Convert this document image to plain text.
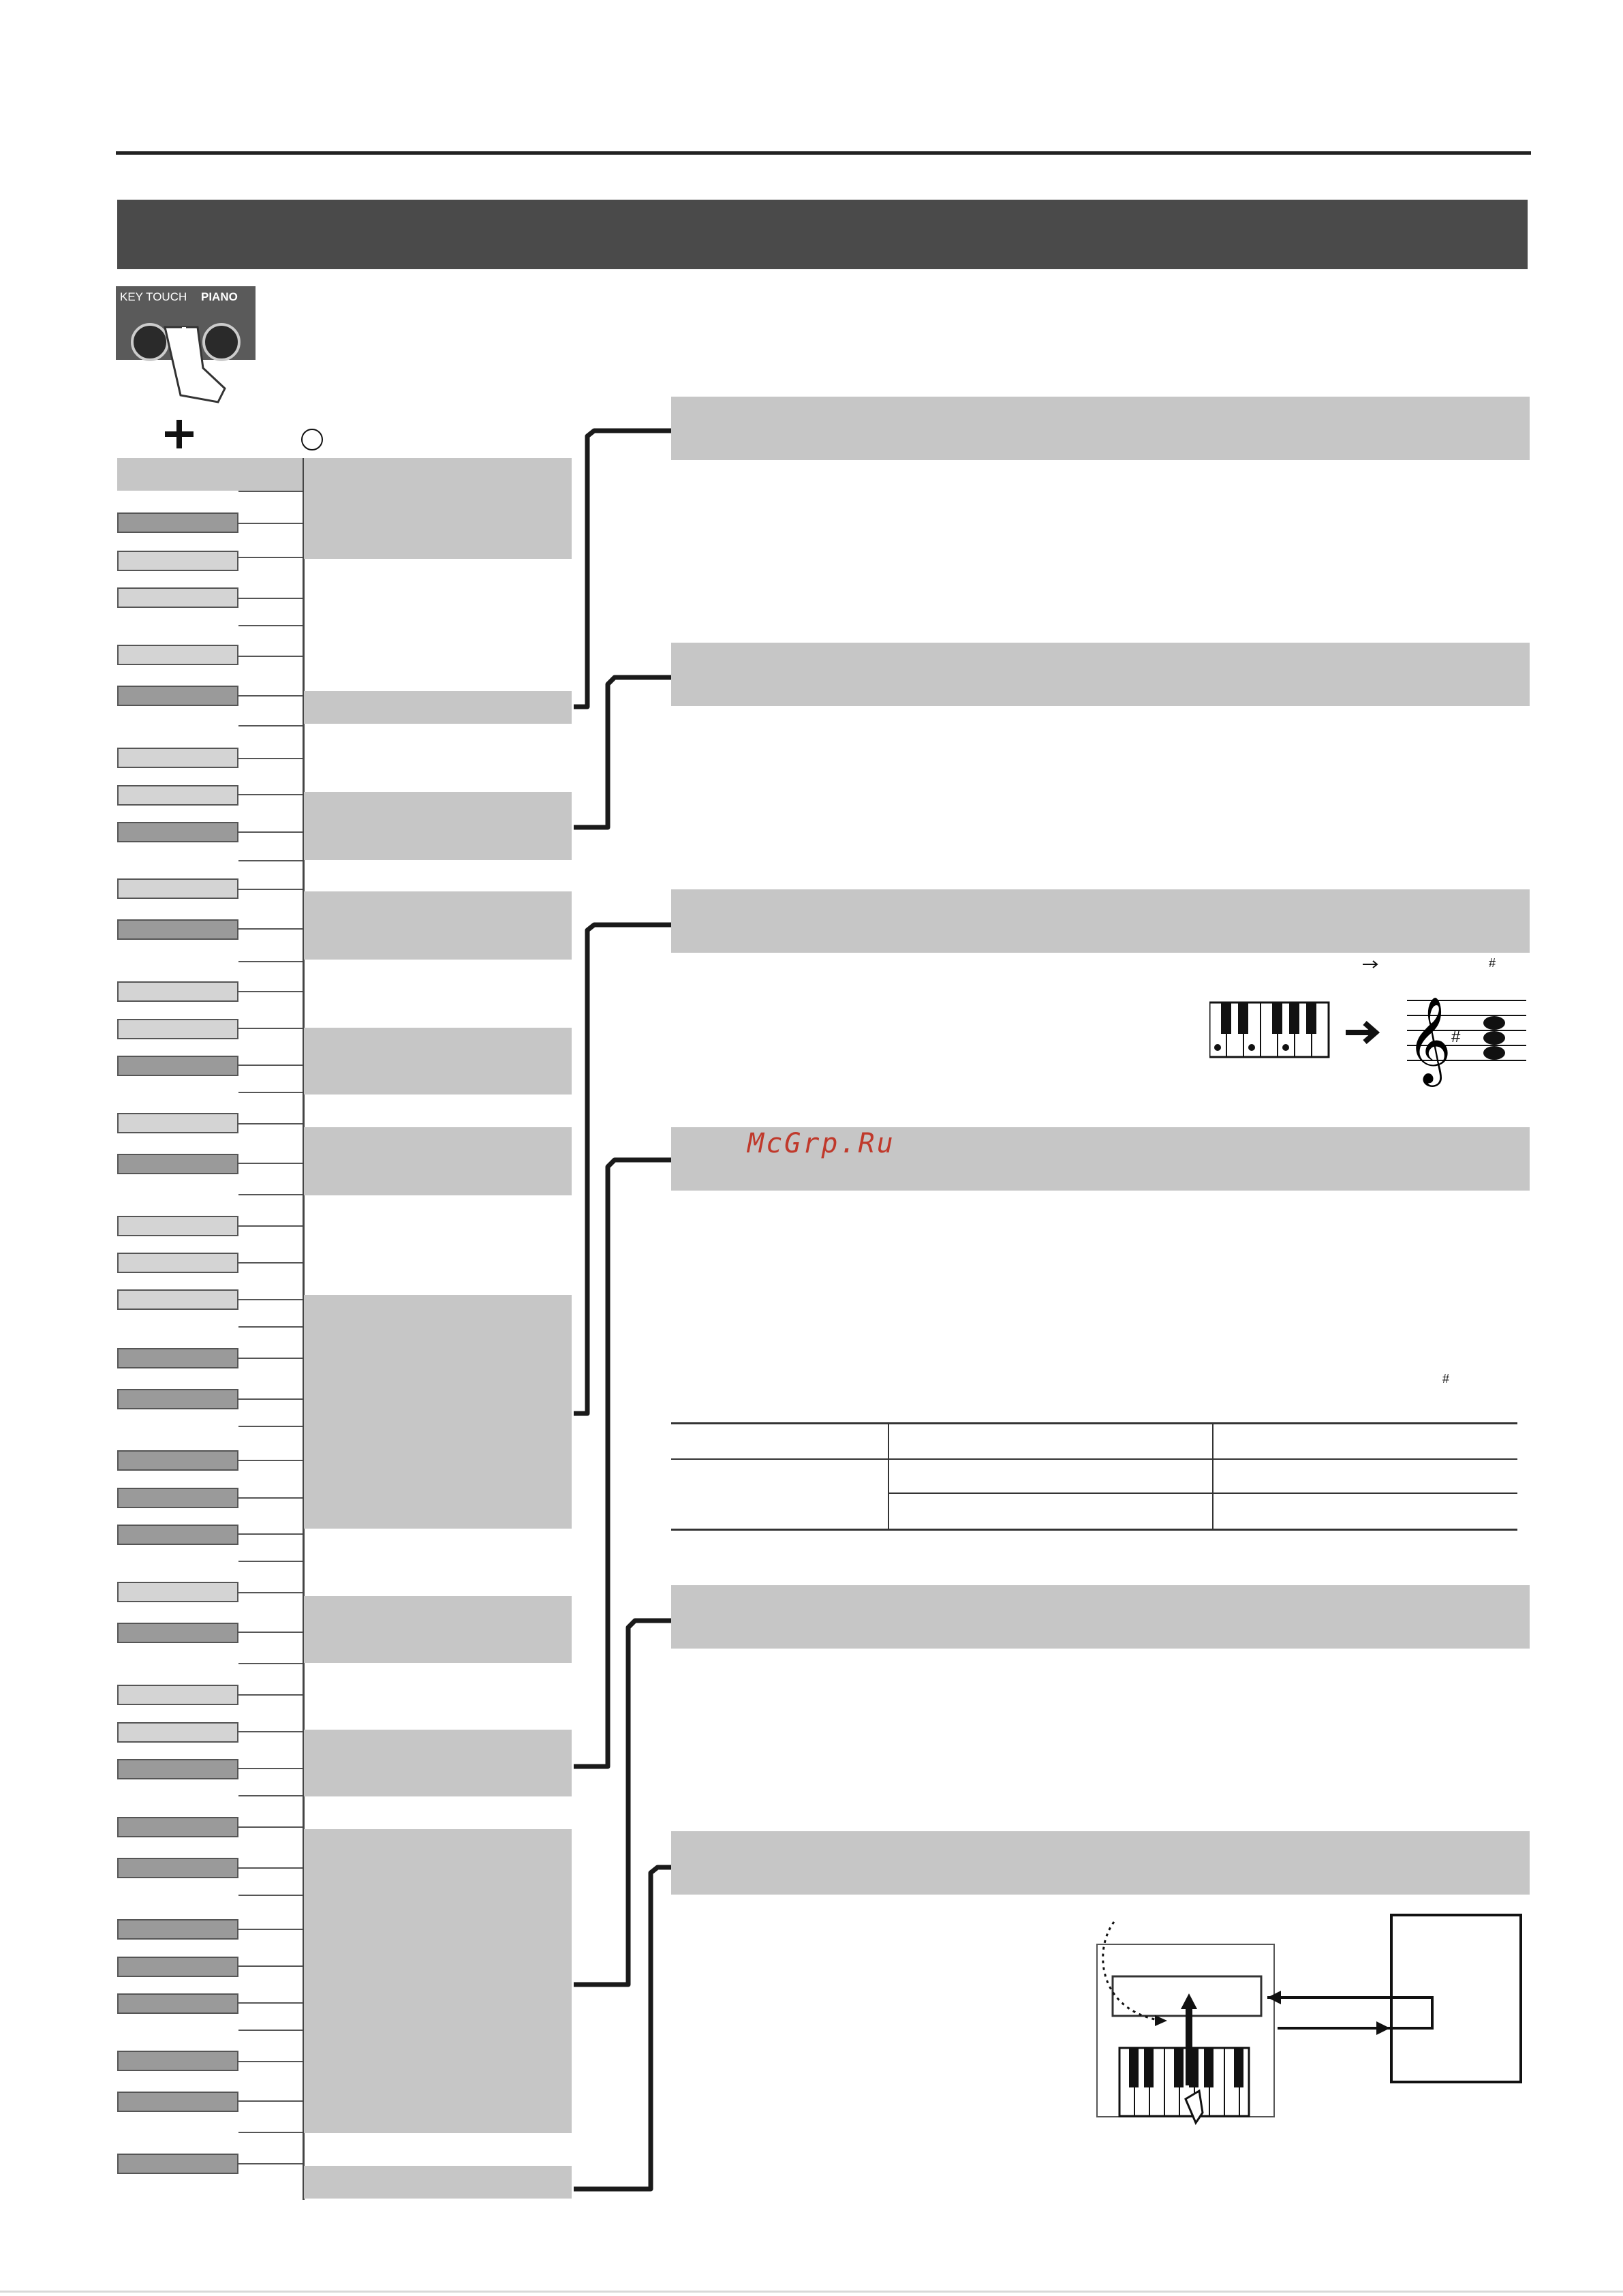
KEY TOUCH PIANO
McGrp.Ru
𝄞
#
#
#
